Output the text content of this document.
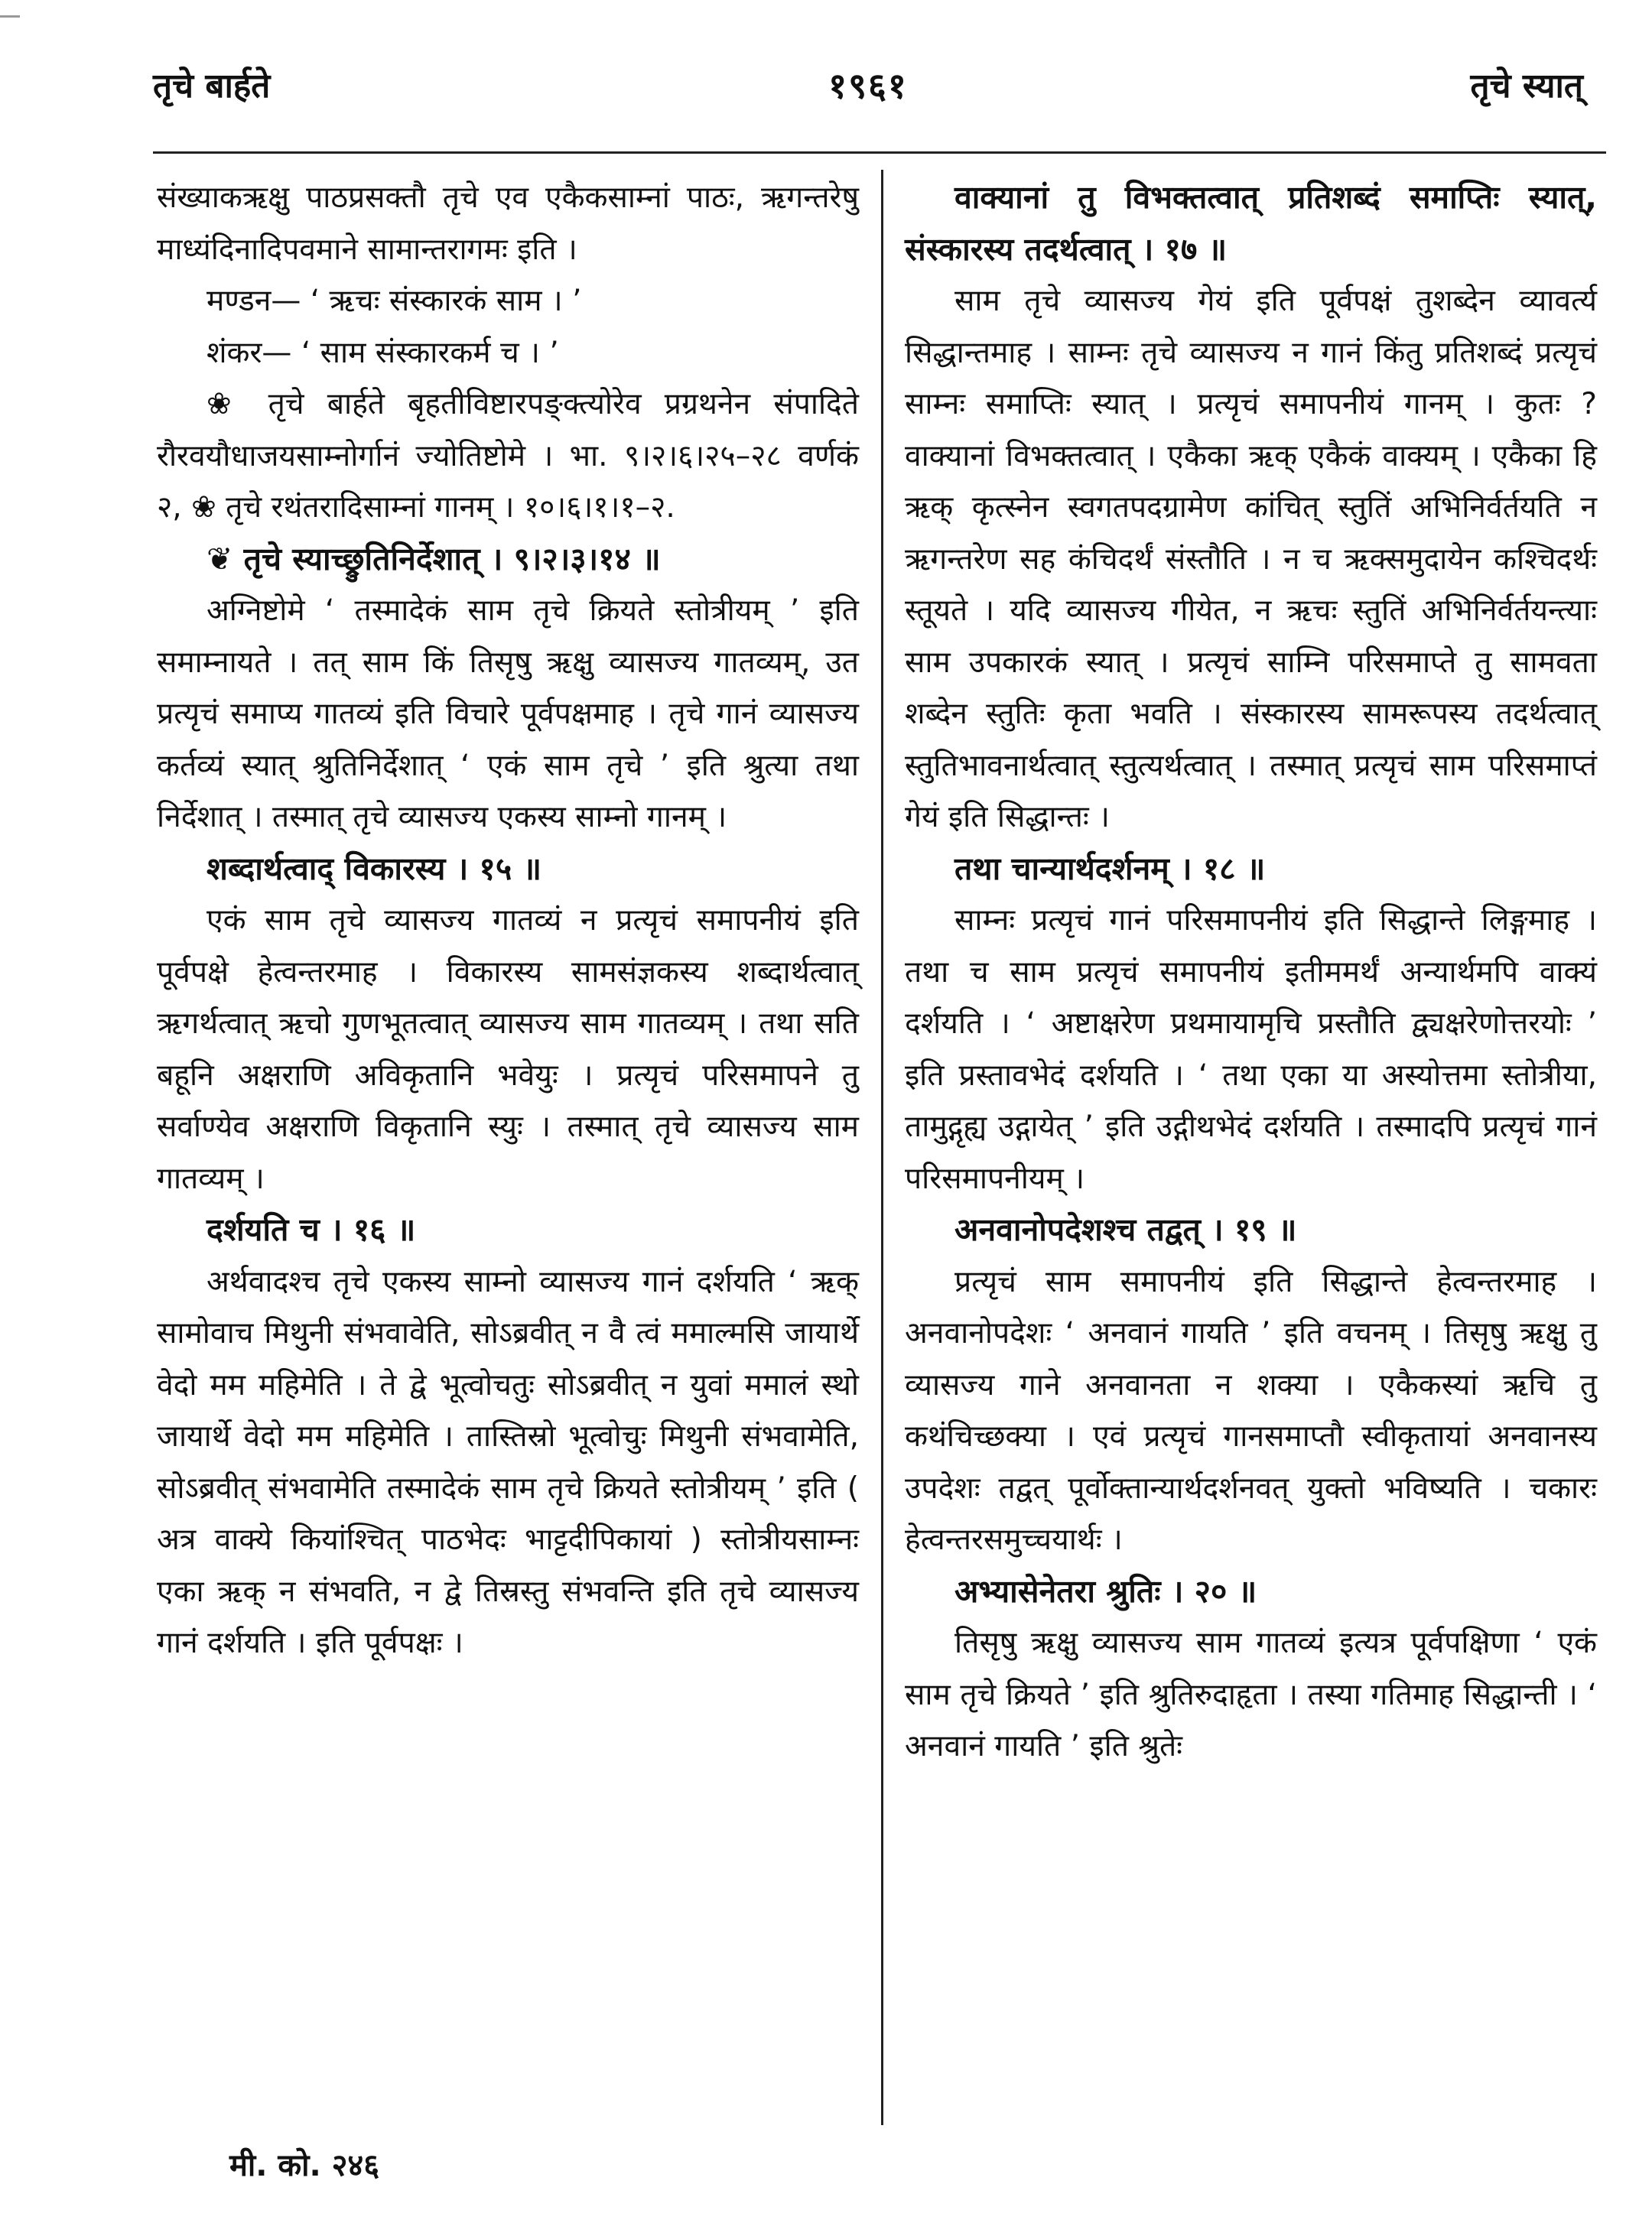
तृचे बार्हते	१९६१	तृचे स्यात्

संख्याकऋक्षु पाठप्रसक्तौ तृचे एव एकैकसाम्नां पाठः, ऋगन्तरेषु माध्यंदिनादिपवमाने सामान्तरागमः इति ।

मण्डन— ‘ ऋचः संस्कारकं साम । ’

शंकर— ‘ साम संस्कारकर्म च । ’

❀ तृचे बार्हते बृहतीविष्टारपङ्क्त्योरेव प्रग्रथनेन संपादिते रौरवयौधाजयसाम्नोर्गानं ज्योतिष्टोमे । भा. ९।२।६।२५–२८ वर्णकं २, ❀ तृचे रथंतरादिसाम्नां गानम् । १०।६।१।१–२.

❦ तृचे स्याच्छ्रुतिनिर्देशात् । ९।२।३।१४ ॥

अग्निष्टोमे ‘ तस्मादेकं साम तृचे क्रियते स्तोत्रीयम् ’ इति समाम्नायते । तत् साम किं तिसृषु ऋक्षु व्यासज्य गातव्यम्, उत प्रत्यृचं समाप्य गातव्यं इति विचारे पूर्वपक्षमाह । तृचे गानं व्यासज्य कर्तव्यं स्यात् श्रुतिनिर्देशात् ‘ एकं साम तृचे ’ इति श्रुत्या तथा निर्देशात् । तस्मात् तृचे व्यासज्य एकस्य साम्नो गानम् ।

शब्दार्थत्वाद् विकारस्य । १५ ॥

एकं साम तृचे व्यासज्य गातव्यं न प्रत्यृचं समापनीयं इति पूर्वपक्षे हेत्वन्तरमाह । विकारस्य सामसंज्ञकस्य शब्दार्थत्वात् ऋगर्थत्वात् ऋचो गुणभूतत्वात् व्यासज्य साम गातव्यम् । तथा सति बहूनि अक्षराणि अविकृतानि भवेयुः । प्रत्यृचं परिसमापने तु सर्वाण्येव अक्षराणि विकृतानि स्युः । तस्मात् तृचे व्यासज्य साम गातव्यम् ।

दर्शयति च । १६ ॥

अर्थवादश्च तृचे एकस्य साम्नो व्यासज्य गानं दर्शयति ‘ ऋक् सामोवाच मिथुनी संभवावेति, सोऽब्रवीत् न वै त्वं ममाल्मसि जायार्थे वेदो मम महिमेति । ते द्वे भूत्वोचतुः सोऽब्रवीत् न युवां ममालं स्थो जायार्थे वेदो मम महिमेति । तास्तिस्रो भूत्वोचुः मिथुनी संभवामेति, सोऽब्रवीत् संभवामेति तस्मादेकं साम तृचे क्रियते स्तोत्रीयम् ’ इति ( अत्र वाक्ये कियांश्चित् पाठभेदः भाट्टदीपिकायां ) स्तोत्रीयसाम्नः एका ऋक् न संभवति, न द्वे तिस्रस्तु संभवन्ति इति तृचे व्यासज्य गानं दर्शयति । इति पूर्वपक्षः ।

वाक्यानां तु विभक्तत्वात् प्रतिशब्दं समाप्तिः स्यात्, संस्कारस्य तदर्थत्वात् । १७ ॥

साम तृचे व्यासज्य गेयं इति पूर्वपक्षं तुशब्देन व्यावर्त्य सिद्धान्तमाह । साम्नः तृचे व्यासज्य न गानं किंतु प्रतिशब्दं प्रत्यृचं साम्नः समाप्तिः स्यात् । प्रत्यृचं समापनीयं गानम् । कुतः ? वाक्यानां विभक्तत्वात् । एकैका ऋक् एकैकं वाक्यम् । एकैका हि ऋक् कृत्स्नेन स्वगतपदग्रामेण कांचित् स्तुतिं अभिनिर्वर्तयति न ऋगन्तरेण सह कंचिदर्थं संस्तौति । न च ऋक्समुदायेन कश्चिदर्थः स्तूयते । यदि व्यासज्य गीयेत, न ऋचः स्तुतिं अभिनिर्वर्तयन्त्याः साम उपकारकं स्यात् । प्रत्यृचं साम्नि परिसमाप्ते तु सामवता शब्देन स्तुतिः कृता भवति । संस्कारस्य सामरूपस्य तदर्थत्वात् स्तुतिभावनार्थत्वात् स्तुत्यर्थत्वात् । तस्मात् प्रत्यृचं साम परिसमाप्तं गेयं इति सिद्धान्तः ।

तथा चान्यार्थदर्शनम् । १८ ॥

साम्नः प्रत्यृचं गानं परिसमापनीयं इति सिद्धान्ते लिङ्गमाह । तथा च साम प्रत्यृचं समापनीयं इतीममर्थं अन्यार्थमपि वाक्यं दर्शयति । ‘ अष्टाक्षरेण प्रथमायामृचि प्रस्तौति द्व्यक्षरेणोत्तरयोः ’ इति प्रस्तावभेदं दर्शयति । ‘ तथा एका या अस्योत्तमा स्तोत्रीया, तामुद्गृह्य उद्गायेत् ’ इति उद्गीथभेदं दर्शयति । तस्मादपि प्रत्यृचं गानं परिसमापनीयम् ।

अनवानोपदेशश्च तद्वत् । १९ ॥

प्रत्यृचं साम समापनीयं इति सिद्धान्ते हेत्वन्तरमाह । अनवानोपदेशः ‘ अनवानं गायति ’ इति वचनम् । तिसृषु ऋक्षु तु व्यासज्य गाने अनवानता न शक्या । एकैकस्यां ऋचि तु कथंचिच्छक्या । एवं प्रत्यृचं गानसमाप्तौ स्वीकृतायां अनवानस्य उपदेशः तद्वत् पूर्वोक्तान्यार्थदर्शनवत् युक्तो भविष्यति । चकारः हेत्वन्तरसमुच्चयार्थः ।

अभ्यासेनेतरा श्रुतिः । २० ॥

तिसृषु ऋक्षु व्यासज्य साम गातव्यं इत्यत्र पूर्वपक्षिणा ‘ एकं साम तृचे क्रियते ’ इति श्रुतिरुदाहृता । तस्या गतिमाह सिद्धान्ती । ‘ अनवानं गायति ’ इति श्रुतेः

मी. को. २४६
